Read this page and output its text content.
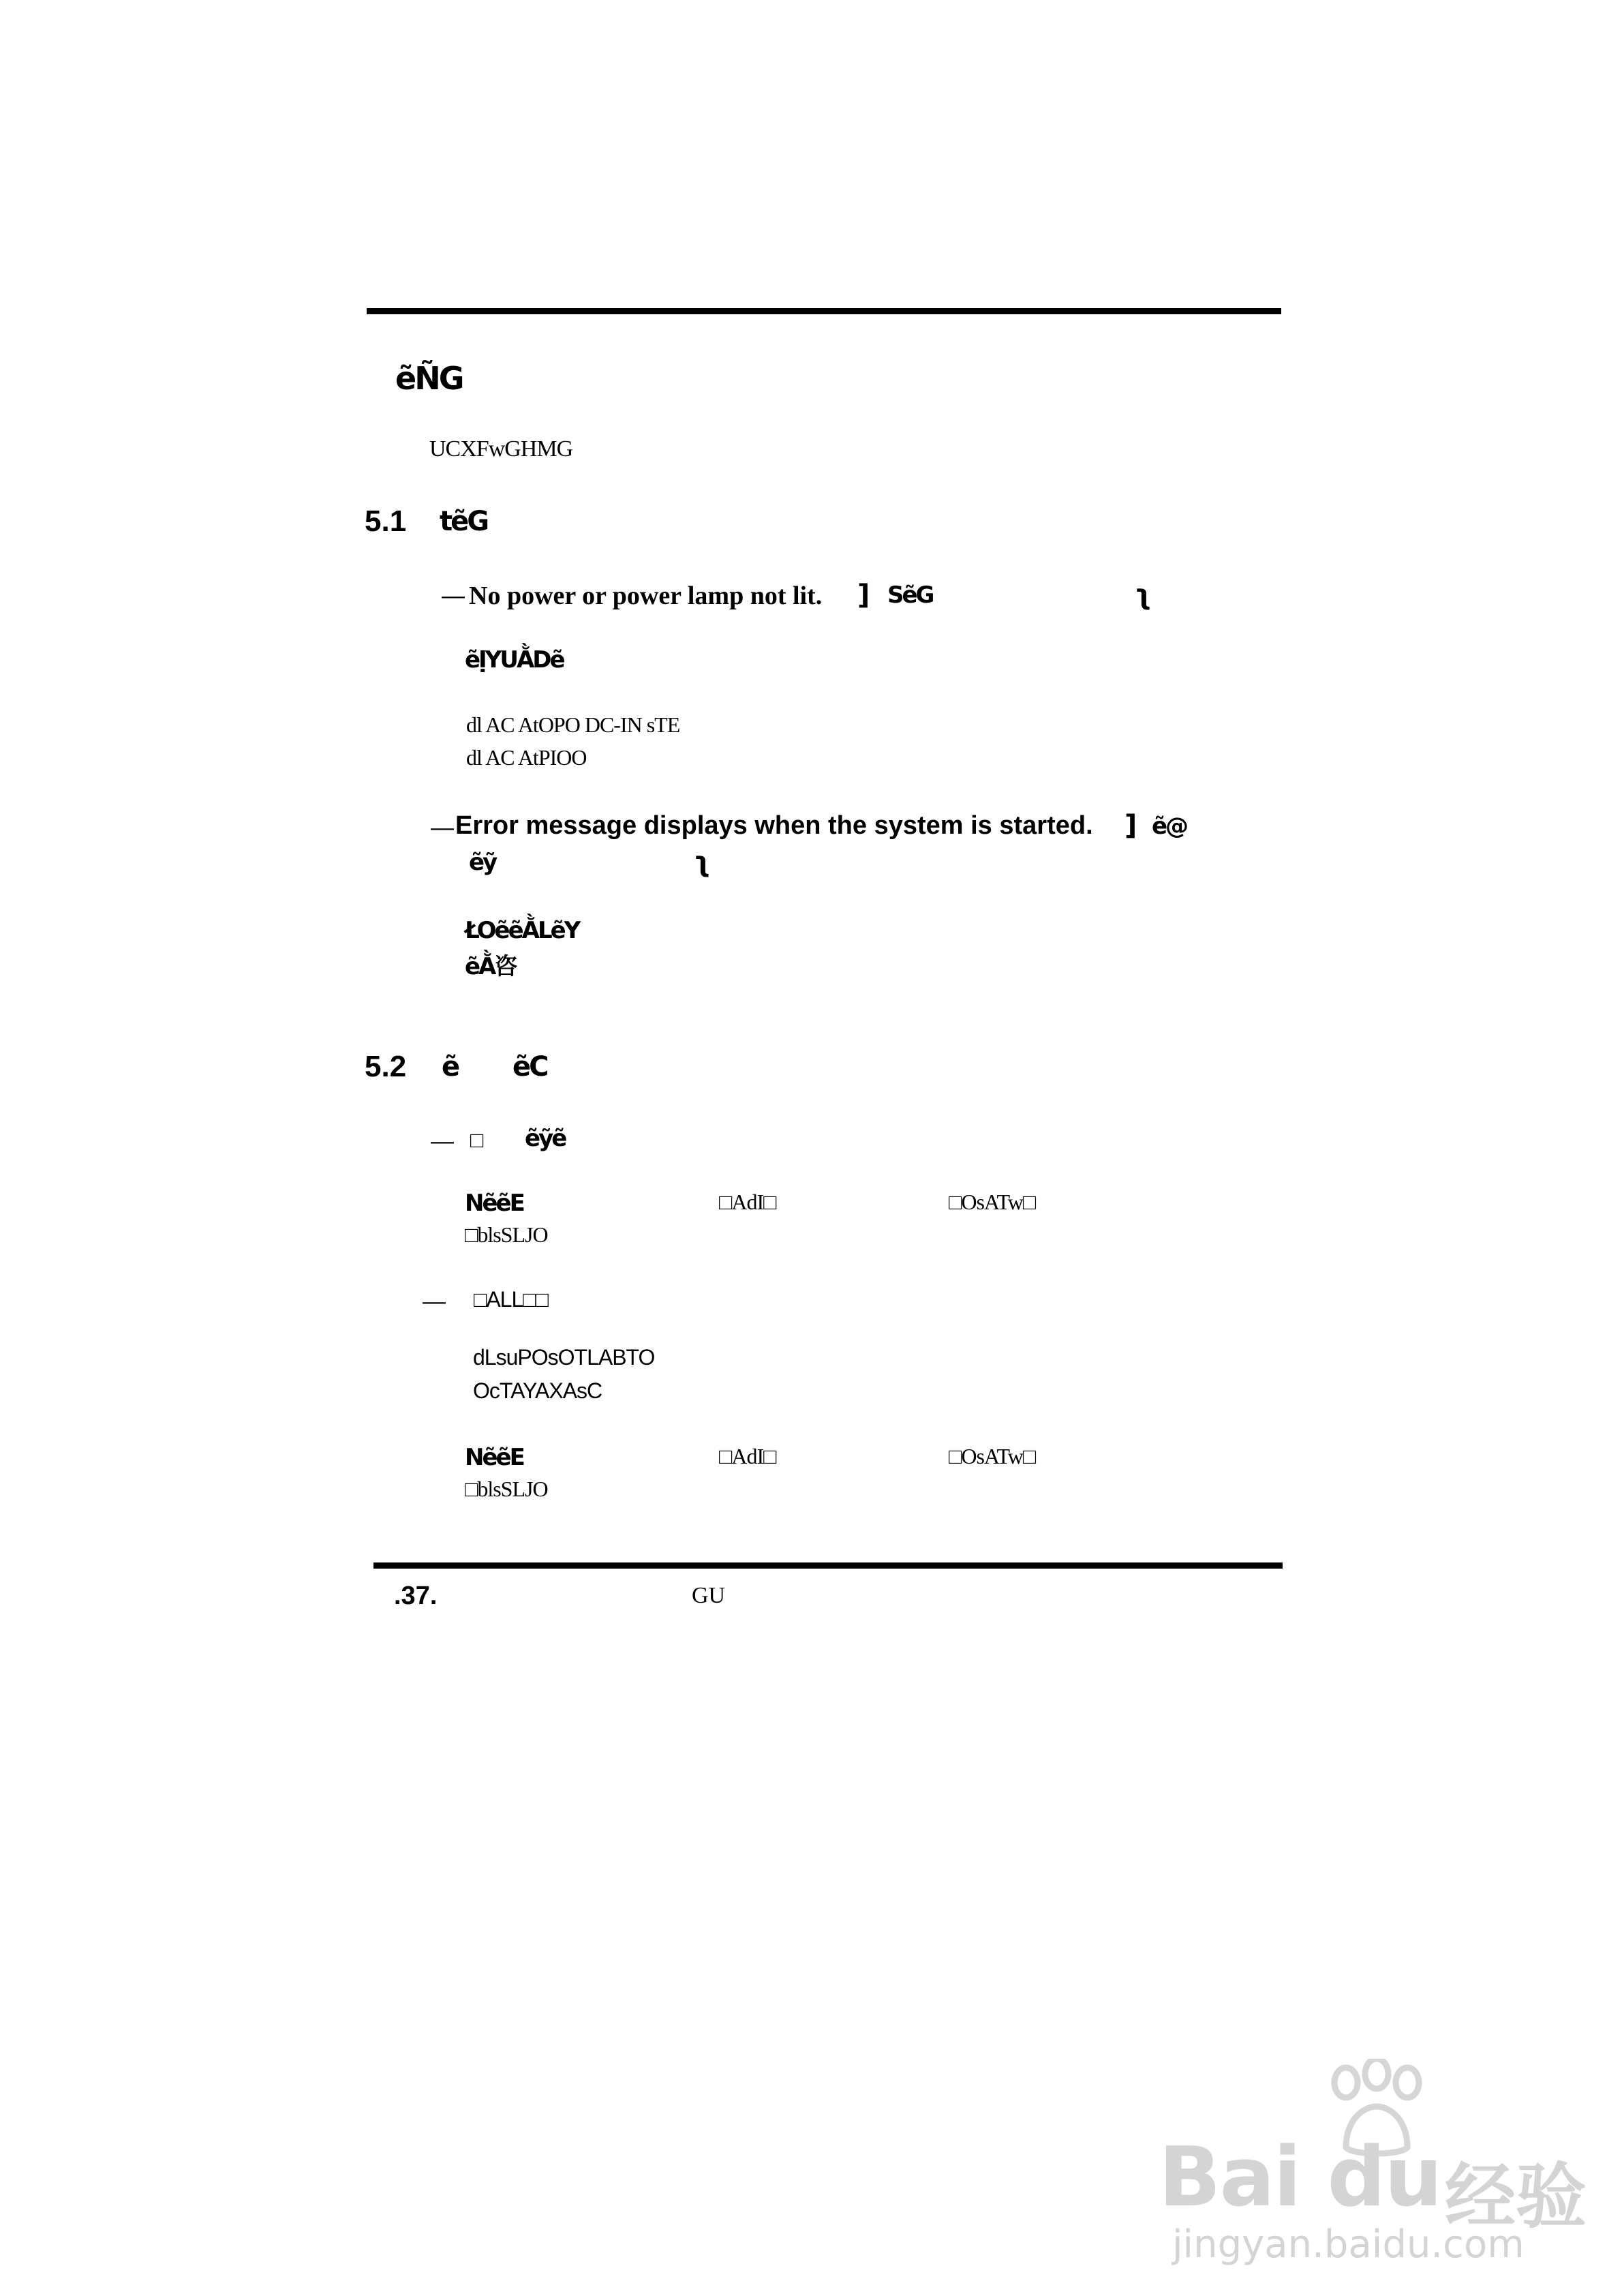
ẽÑG
UCXFwGHMG
5.1 tẽG
— No power or power lamp not lit. ] SẽG	ʅ
ẽỊYUẰDẽ
dl AC AtOPO DC-IN sTE
dl AC AtPIOO
— Error message displays when the system is started. ] ẽ@
ẽỹ	ʅ
ŁOẽẽẰLẽY
ẽẰ咨
5.2 ẽ ẽC
— □ ẽỹẽ
NẽẽE	□AdI□	□OsATw□
□blsSLJO
— □ALL□□
dLsuPOsOTLABTO
OcTAYAXAsC
NẽẽE	□AdI□	□OsATw□
□blsSLJO
.37.	GU
Bai du 经验
jingyan.baidu.com
